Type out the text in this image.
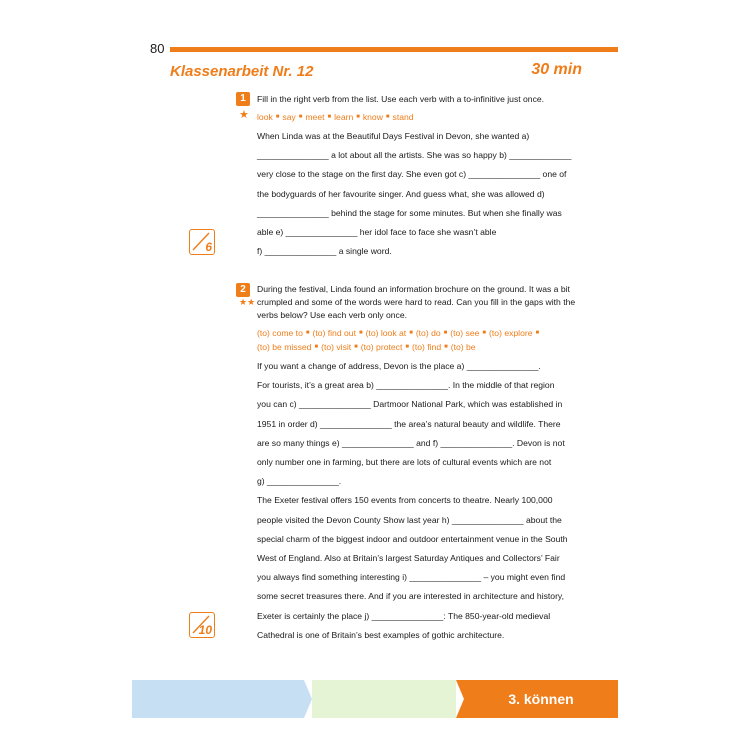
80
Klassenarbeit Nr. 12	30 min
1
★
Fill in the right verb from the list. Use each verb with a to-infinitive just once.
look ■ say ■ meet ■ learn ■ know ■ stand
When Linda was at the Beautiful Days Festival in Devon, she wanted a)
_______________ a lot about all the artists. She was so happy b) _____________
very close to the stage on the first day. She even got c) _______________ one of
the bodyguards of her favourite singer. And guess what, she was allowed d)
_______________ behind the stage for some minutes. But when she finally was
able e) _______________ her idol face to face she wasn’t able
f) _______________ a single word.
6
2
★★
During the festival, Linda found an information brochure on the ground. It was a bit crumpled and some of the words were hard to read. Can you fill in the gaps with the verbs below? Use each verb only once.
(to) come to ■ (to) find out ■ (to) look at ■ (to) do ■ (to) see ■ (to) explore ■
(to) be missed ■ (to) visit ■ (to) protect ■ (to) find ■ (to) be
If you want a change of address, Devon is the place a) _______________.
For tourists, it’s a great area b) _______________. In the middle of that region
you can c) _______________ Dartmoor National Park, which was established in
1951 in order d) _______________ the area’s natural beauty and wildlife. There
are so many things e) _______________ and f) _______________. Devon is not
only number one in farming, but there are lots of cultural events which are not
g) _______________.
The Exeter festival offers 150 events from concerts to theatre. Nearly 100,000
people visited the Devon County Show last year h) _______________ about the
special charm of the biggest indoor and outdoor entertainment venue in the South
West of England. Also at Britain’s largest Saturday Antiques and Collectors’ Fair
you always find something interesting i) _______________ – you might even find
some secret treasures there. And if you are interested in architecture and history,
Exeter is certainly the place j) _______________: The 850-year-old medieval
Cathedral is one of Britain’s best examples of gothic architecture.
10
3. können
